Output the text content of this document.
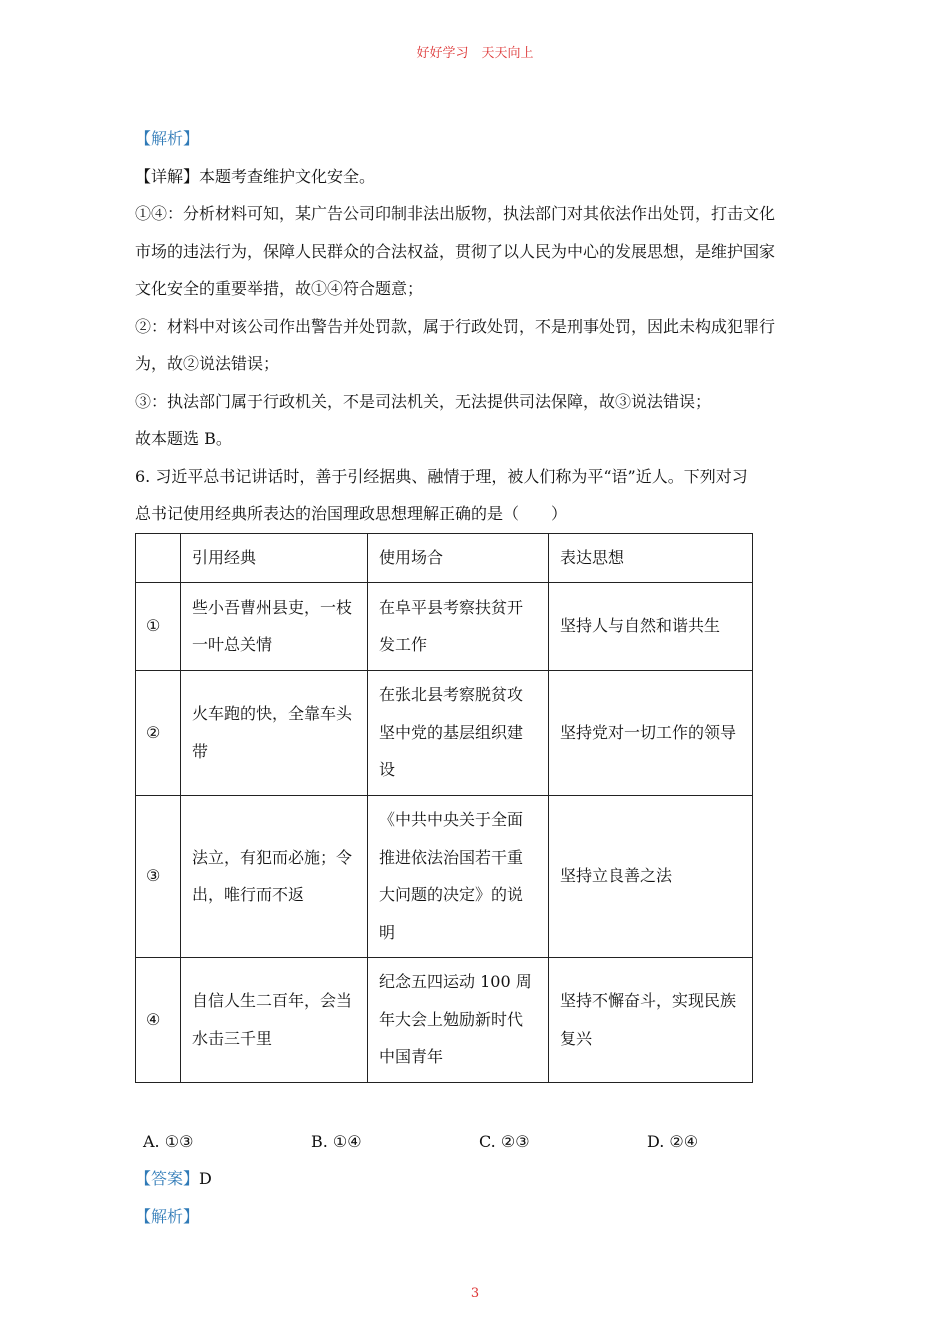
好好学习　天天向上

【解析】

【详解】本题考查维护文化安全。

①④：分析材料可知，某广告公司印制非法出版物，执法部门对其依法作出处罚，打击文化

市场的违法行为，保障人民群众的合法权益，贯彻了以人民为中心的发展思想，是维护国家

文化安全的重要举措，故①④符合题意；

②：材料中对该公司作出警告并处罚款，属于行政处罚，不是刑事处罚，因此未构成犯罪行

为，故②说法错误；

③：执法部门属于行政机关，不是司法机关，无法提供司法保障，故③说法错误；

故本题选 B。

6. 习近平总书记讲话时，善于引经据典、融情于理，被人们称为平“语”近人。下列对习

总书记使用经典所表达的治国理政思想理解正确的是（　　）

	引用经典	使用场合	表达思想
①	些小吾曹州县吏，一枝一叶总关情	在阜平县考察扶贫开发工作	坚持人与自然和谐共生
②	火车跑的快，全靠车头带	在张北县考察脱贫攻坚中党的基层组织建设	坚持党对一切工作的领导
③	法立，有犯而必施；令出，唯行而不返	《中共中央关于全面推进依法治国若干重大问题的决定》的说明	坚持立良善之法
④	自信人生二百年，会当水击三千里	纪念五四运动 100 周年大会上勉励新时代中国青年	坚持不懈奋斗，实现民族复兴
A. ①③	B. ①④	C. ②③	D. ②④

【答案】D

【解析】

3
